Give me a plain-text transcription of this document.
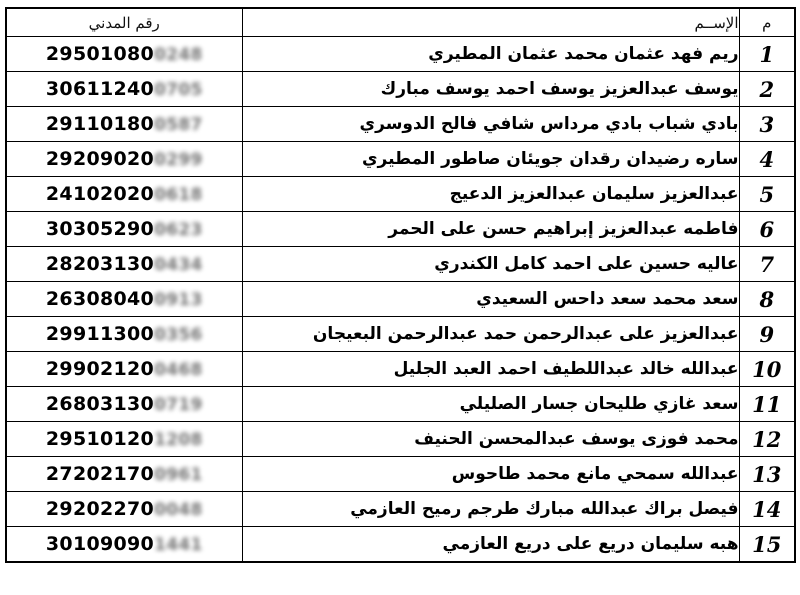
رقم المدني	الإســم	م
295010800248	ريم فهد عثمان محمد عثمان المطيري	1
306112400705	يوسف عبدالعزيز يوسف احمد يوسف مبارك	2
291101800587	بادي شباب بادي مرداس شافي فالح الدوسري	3
292090200299	ساره رضيدان رقدان جويئان صاطور المطيري	4
241020200618	عبدالعزيز سليمان عبدالعزيز الدعيج	5
303052900623	فاطمه عبدالعزيز إبراهيم حسن على الحمر	6
282031300434	عاليه حسين على احمد كامل الكندري	7
263080400913	سعد محمد سعد داحس السعيدي	8
299113000356	عبدالعزيز على عبدالرحمن حمد عبدالرحمن البعيجان	9
299021200468	عبدالله خالد عبداللطيف احمد العبد الجليل	10
268031300719	سعد غازي طليحان جسار الصليلي	11
295101201208	محمد فوزى يوسف عبدالمحسن الحنيف	12
272021700961	عبدالله سمحي مانع محمد طاحوس	13
292022700048	فيصل براك عبدالله مبارك طرجم رميح العازمي	14
301090901441	هبه سليمان دريع على دريع العازمي	15
